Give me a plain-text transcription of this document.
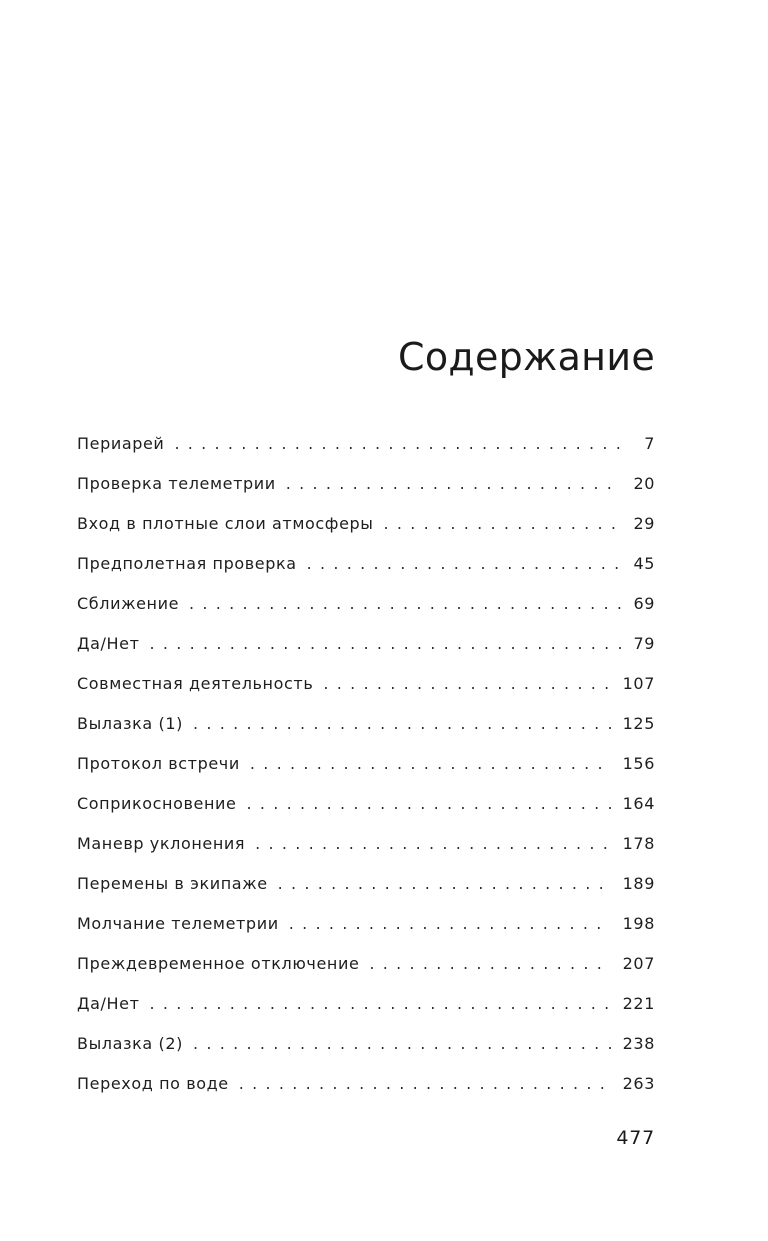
Содержание
Периарей . . .	7
Проверка телеметрии . . .	20
Вход в плотные слои атмосферы . . .	29
Предполетная проверка . . .	45
Сближение . . .	69
Да/Нет . . .	79
Совместная деятельность . . .	107
Вылазка (1) . . .	125
Протокол встречи . . .	156
Соприкосновение . . .	164
Маневр уклонения . . .	178
Перемены в экипаже . . .	189
Молчание телеметрии . . .	198
Преждевременное отключение . . .	207
Да/Нет . . .	221
Вылазка (2) . . .	238
Переход по воде . . .	263
477
